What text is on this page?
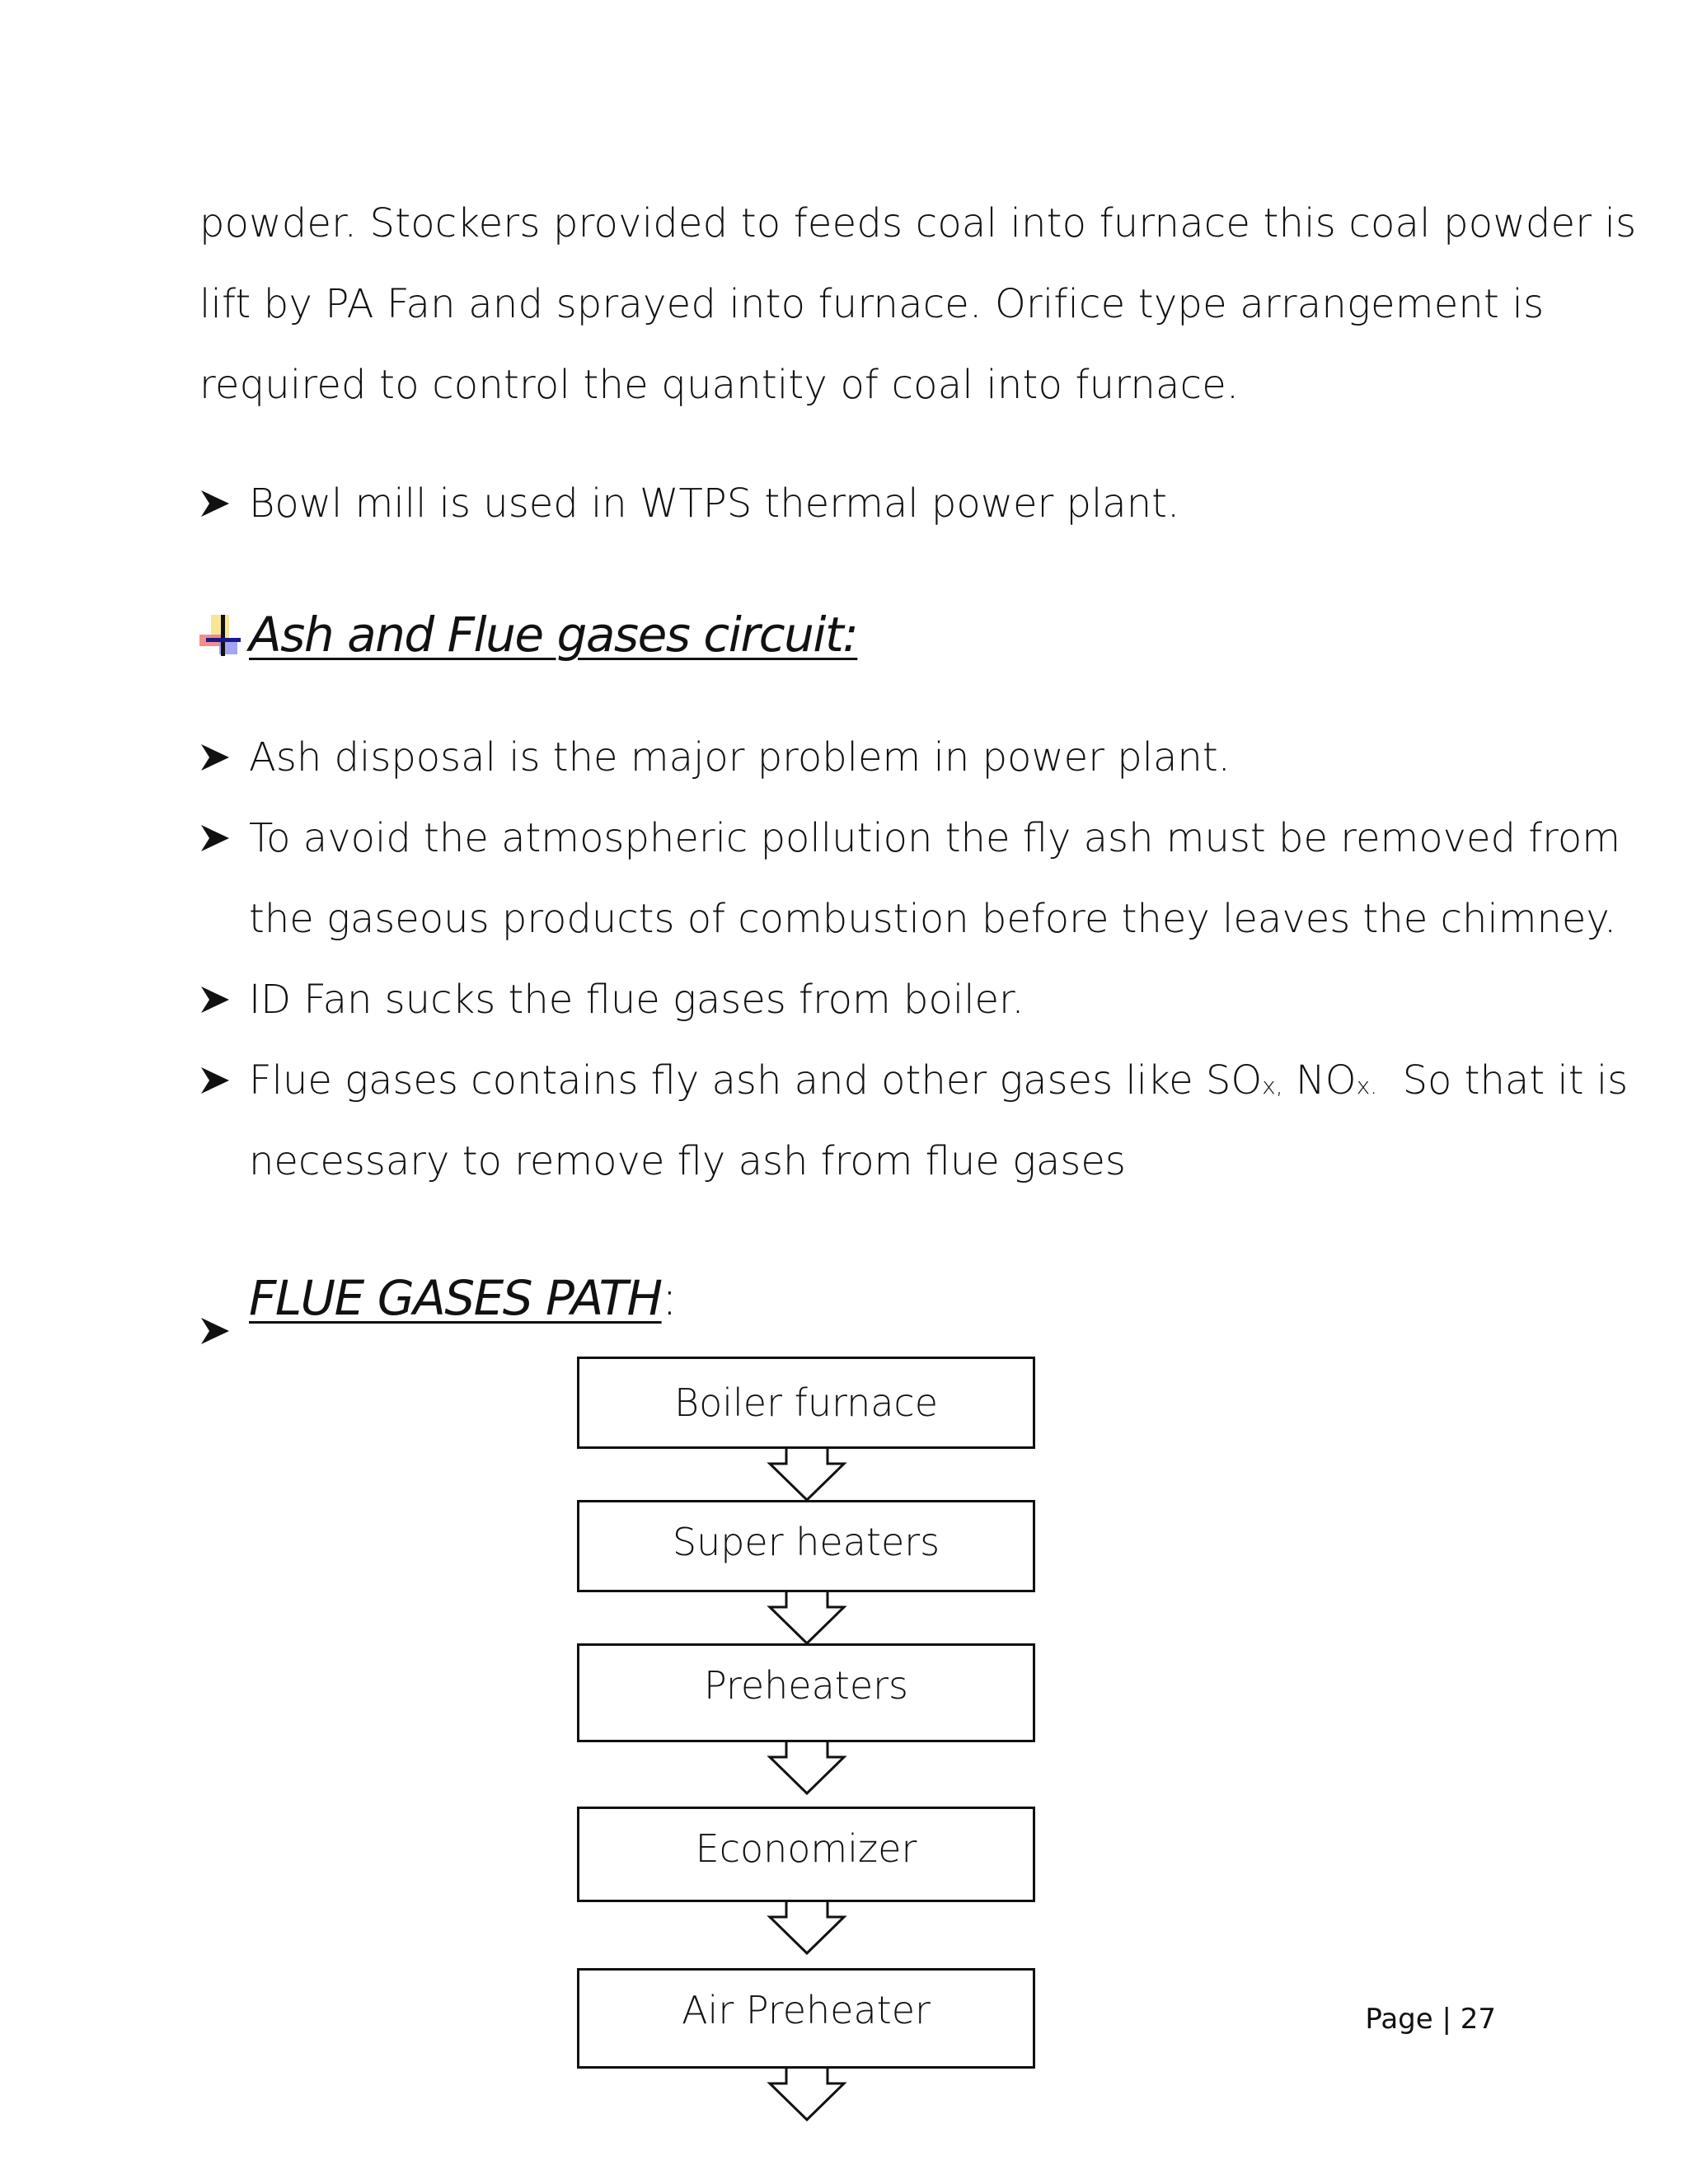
powder. Stockers provided to feeds coal into furnace this coal powder is
lift by PA Fan and sprayed into furnace. Orifice type arrangement is
required to control the quantity of coal into furnace.
Bowl mill is used in WTPS thermal power plant.
Ash and Flue gases circuit:
Ash disposal is the major problem in power plant.
To avoid the atmospheric pollution the fly ash must be removed from
the gaseous products of combustion before they leaves the chimney.
ID Fan sucks the flue gases from boiler.
Flue gases contains fly ash and other gases like SOx, NOx. So that it is
necessary to remove fly ash from flue gases
FLUE GASES PATH:
Boiler furnace
Super heaters
Preheaters
Economizer
Air Preheater	Page | 27
